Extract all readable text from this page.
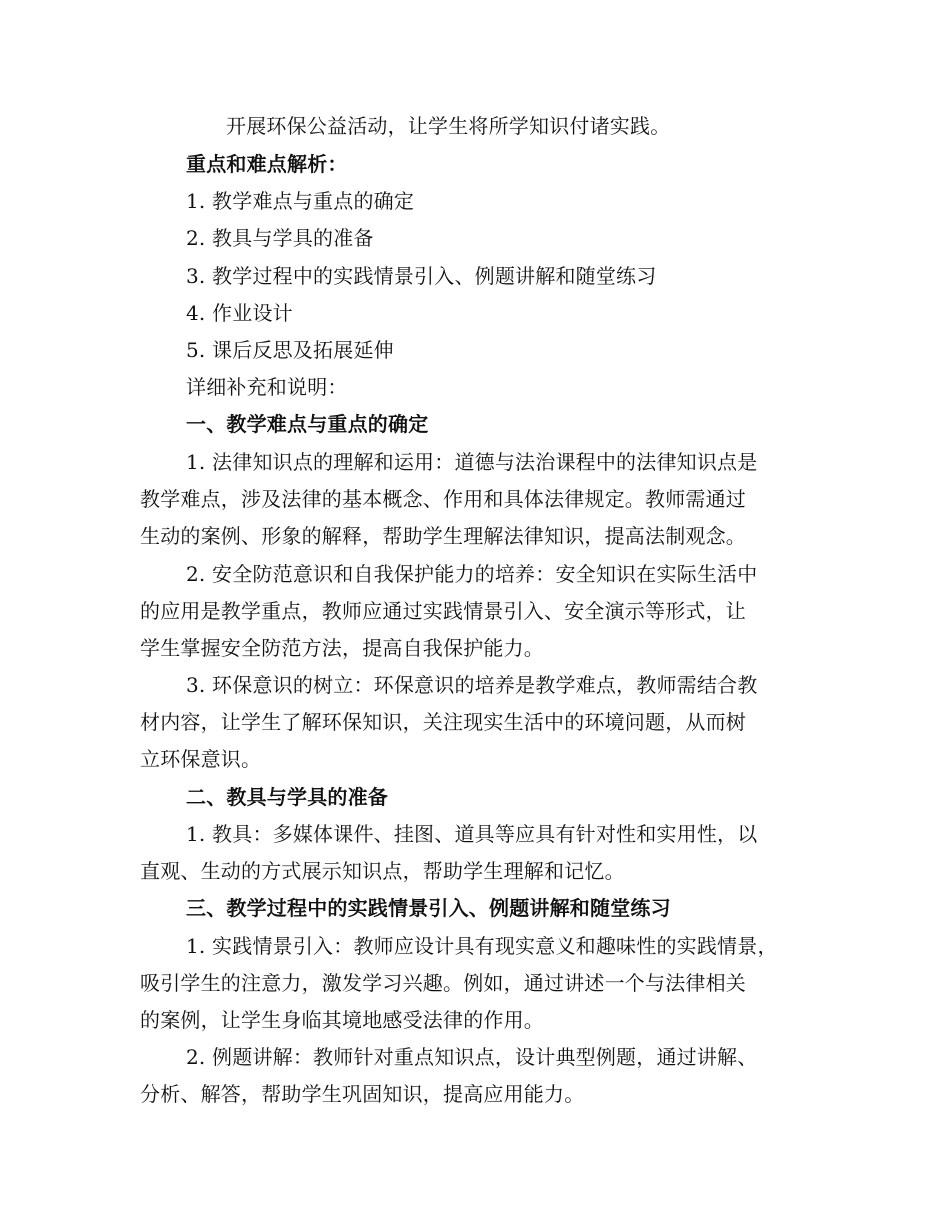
开展环保公益活动，让学生将所学知识付诸实践。
重点和难点解析：
1. 教学难点与重点的确定
2. 教具与学具的准备
3. 教学过程中的实践情景引入、例题讲解和随堂练习
4. 作业设计
5. 课后反思及拓展延伸
详细补充和说明：
一、教学难点与重点的确定
1. 法律知识点的理解和运用：道德与法治课程中的法律知识点是
教学难点，涉及法律的基本概念、作用和具体法律规定。教师需通过
生动的案例、形象的解释，帮助学生理解法律知识，提高法制观念。
2. 安全防范意识和自我保护能力的培养：安全知识在实际生活中
的应用是教学重点，教师应通过实践情景引入、安全演示等形式，让
学生掌握安全防范方法，提高自我保护能力。
3. 环保意识的树立：环保意识的培养是教学难点，教师需结合教
材内容，让学生了解环保知识，关注现实生活中的环境问题，从而树
立环保意识。
二、教具与学具的准备
1. 教具：多媒体课件、挂图、道具等应具有针对性和实用性，以
直观、生动的方式展示知识点，帮助学生理解和记忆。
三、教学过程中的实践情景引入、例题讲解和随堂练习
1. 实践情景引入：教师应设计具有现实意义和趣味性的实践情景，
吸引学生的注意力，激发学习兴趣。例如，通过讲述一个与法律相关
的案例，让学生身临其境地感受法律的作用。
2. 例题讲解：教师针对重点知识点，设计典型例题，通过讲解、
分析、解答，帮助学生巩固知识，提高应用能力。
